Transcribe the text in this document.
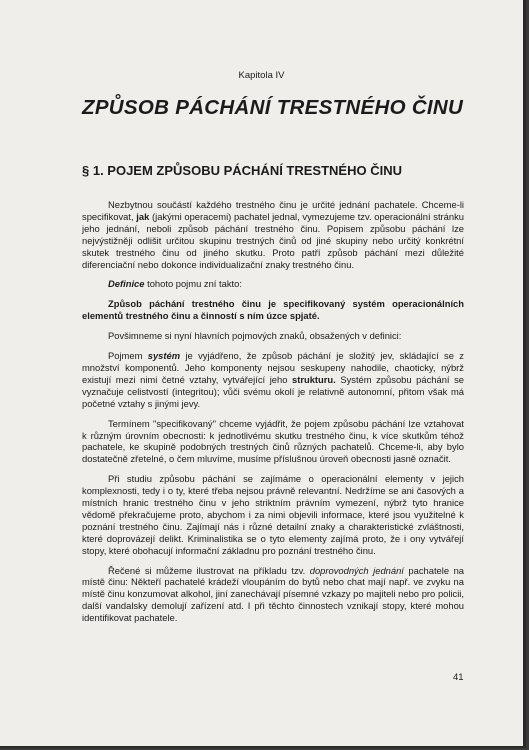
Kapitola IV
ZPŮSOB PÁCHÁNÍ TRESTNÉHO ČINU
§ 1. POJEM ZPŮSOBU PÁCHÁNÍ TRESTNÉHO ČINU

Nezbytnou součástí každého trestného činu je určité jednání pachatele. Chceme-li specifikovat, jak (jakými operacemi) pachatel jednal, vymezujeme tzv. operacionální stránku jeho jednání, neboli způsob páchání trestného činu. Popisem způsobu páchání lze nejvýstižněji odlišit určitou skupinu trestných činů od jiné skupiny nebo určitý konkrétní skutek trestného činu od jiného skutku. Proto patří způsob páchání mezi důležité diferenciační nebo dokonce individualizační znaky trestného činu.

Definice tohoto pojmu zní takto:

Způsob páchání trestného činu je specifikovaný systém operacionálních elementů trestného činu a činností s ním úzce spjaté.

Povšimneme si nyní hlavních pojmových znaků, obsažených v definici:

Pojmem systém je vyjádřeno, že způsob páchání je složitý jev, skládající se z množství komponentů. Jeho komponenty nejsou seskupeny nahodile, chaoticky, nýbrž existují mezi nimi četné vztahy, vytvářející jeho strukturu. Systém způsobu páchání se vyznačuje celistvostí (integritou); vůči svému okolí je relativně autonomní, přitom však má početné vztahy s jinými jevy.

Termínem "specifikovaný" chceme vyjádřit, že pojem způsobu páchání lze vztahovat k různým úrovním obecnosti: k jednotlivému skutku trestného činu, k více skutkům téhož pachatele, ke skupině podobných trestných činů různých pachatelů. Chceme-li, aby bylo dostatečně zřetelné, o čem mluvíme, musíme příslušnou úroveň obecnosti jasně označit.

Při studiu způsobu páchání se zajímáme o operacionální elementy v jejich komplexnosti, tedy i o ty, které třeba nejsou právně relevantní. Nedržíme se ani časových a místních hranic trestného činu v jeho striktním právním vymezení, nýbrž tyto hranice vědomě překračujeme proto, abychom i za nimi objevili informace, které jsou využitelné k poznání trestného činu. Zajímají nás i různé detailní znaky a charakteristické zvláštnosti, které doprovázejí delikt. Kriminalistika se o tyto elementy zajímá proto, že i ony vytvářejí stopy, které obohacují informační základnu pro poznání trestného činu.

Řečené si můžeme ilustrovat na příkladu tzv. doprovodných jednání pachatele na místě činu: Někteří pachatelé krádeží vloupáním do bytů nebo chat mají např. ve zvyku na místě činu konzumovat alkohol, jiní zanechávají písemné vzkazy po majiteli nebo pro policii, další vandalsky demolují zařízení atd. I při těchto činnostech vznikají stopy, které mohou identifikovat pachatele.

41
